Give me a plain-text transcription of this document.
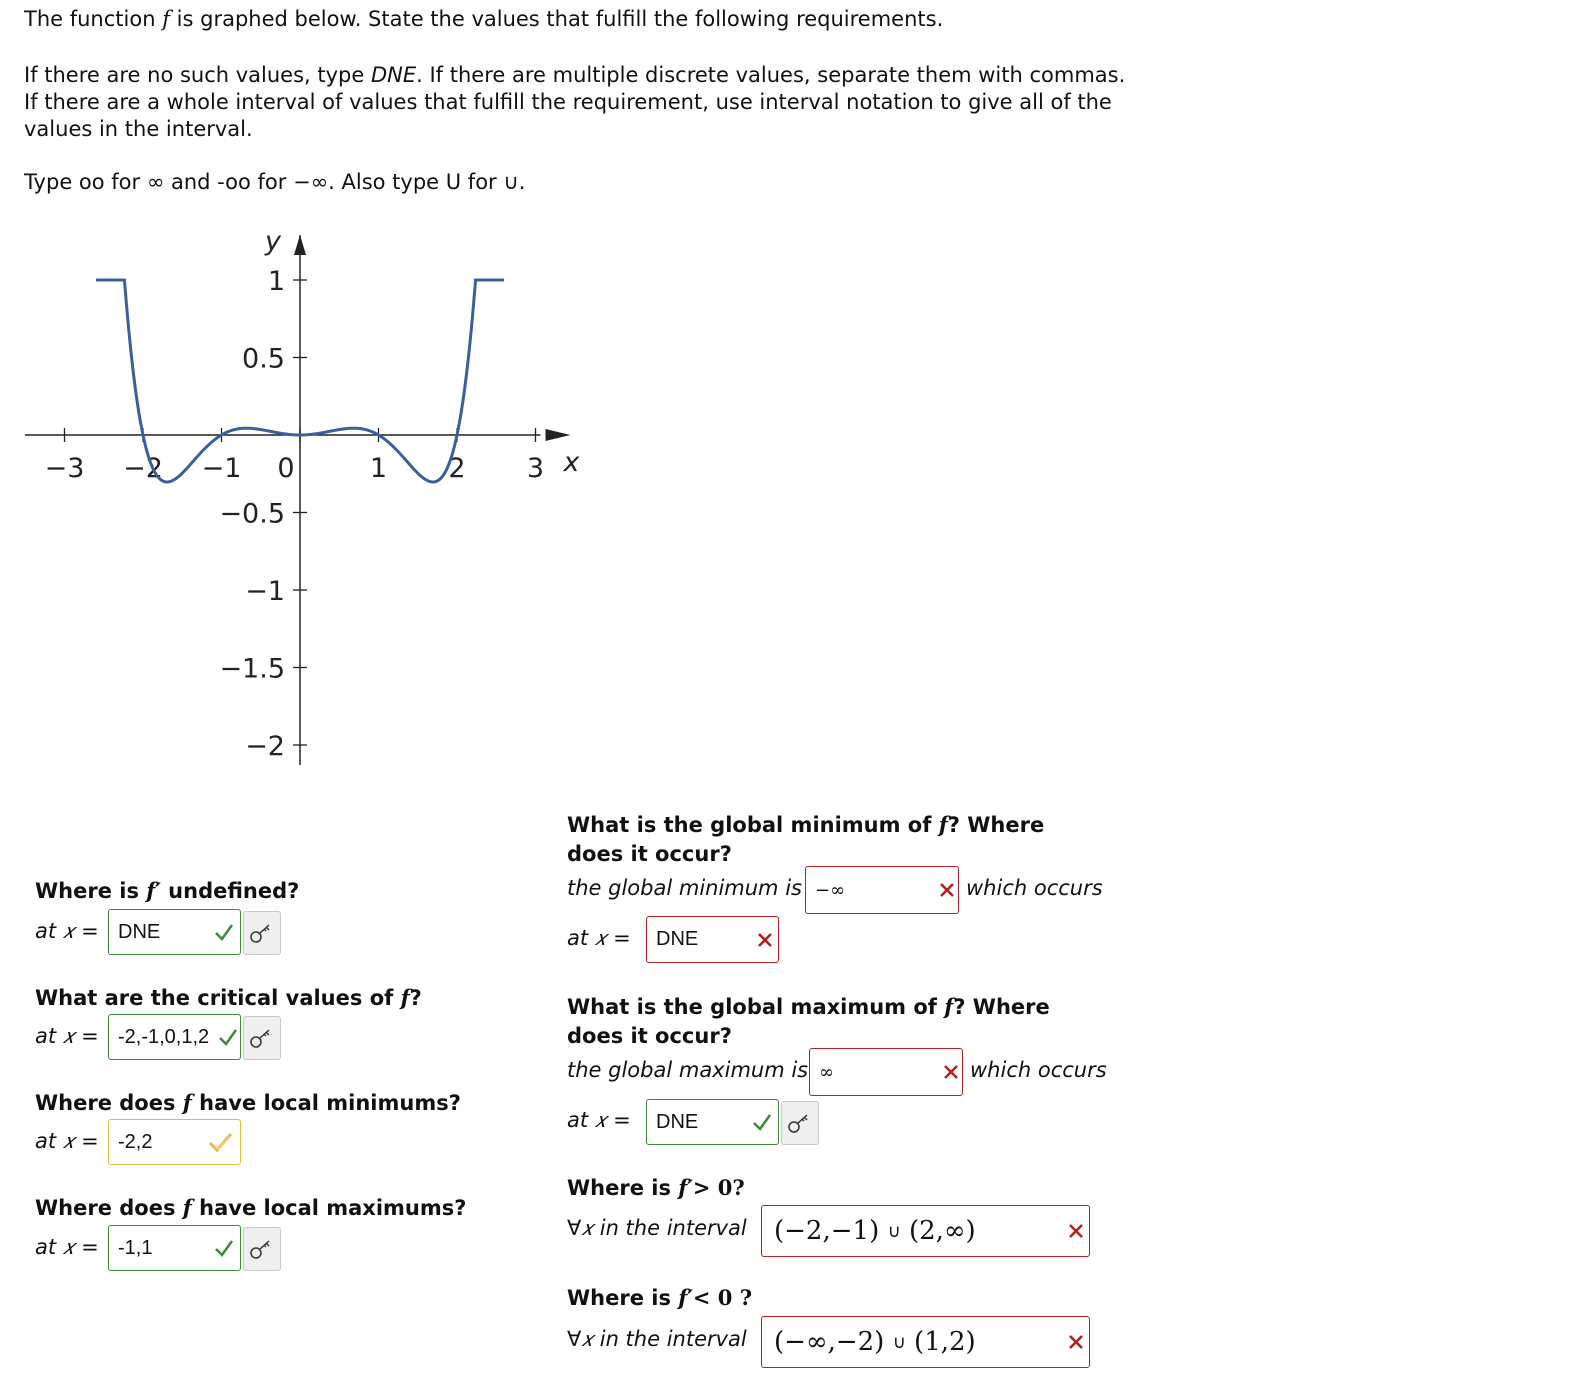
The function f is graphed below. State the values that fulfill the following requirements.
If there are no such values, type DNE. If there are multiple discrete values, separate them with commas. If there are a whole interval of values that fulfill the requirement, use interval notation to give all of the values in the interval.
Type oo for ∞ and -oo for −∞. Also type U for ∪.
−3 −2 −1 0	1 2 3
1
0.5
−0.5
−1
−1.5
−2
x
y
Where is f′ undefined?
at 𝑥 = DNE
What are the critical values of f?
at 𝑥 = -2,-1,0,1,2
Where does f have local minimums?
at 𝑥 = -2,2
Where does f have local maximums?
at 𝑥 = -1,1
What is the global minimum of f? Where does it occur?
the global minimum is −∞	which occurs
at 𝑥 = DNE
What is the global maximum of f? Where does it occur?
the global maximum is ∞	which occurs
at 𝑥 = DNE
Where is f′> 0?
∀𝑥 in the interval (−2,−1)
∪
(2,∞)
Where is f′< 0 ?
∀𝑥 in the interval (−∞,−2)
∪
(1,2)
